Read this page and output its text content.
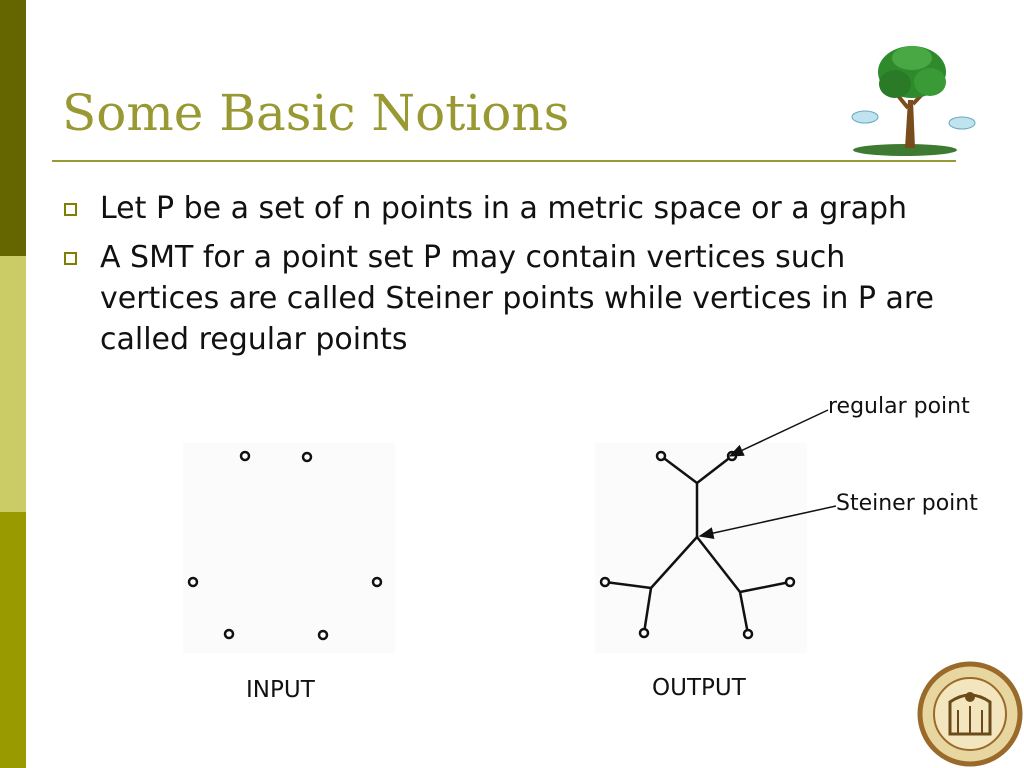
Some Basic Notions
Let P be a set of n points in a metric space or a graph
A SMT for a point set P may contain vertices such vertices are called Steiner points while vertices in P are called regular points
regular point
Steiner point
INPUT	OUTPUT
